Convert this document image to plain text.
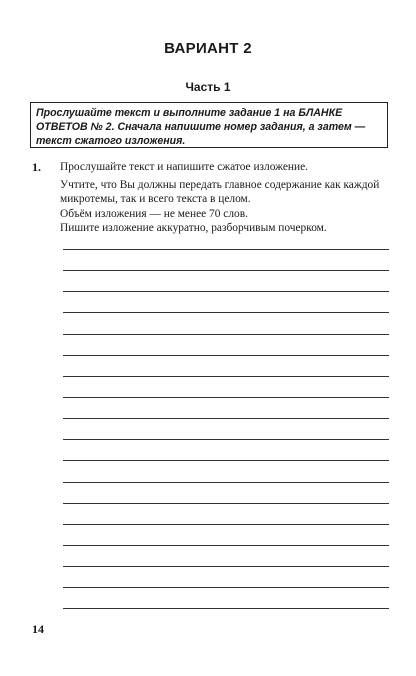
ВАРИАНТ 2
Часть 1
Прослушайте текст и выполните задание 1 на БЛАНКЕ ОТВЕТОВ № 2. Сначала напишите номер задания, а затем — текст сжатого изложения.
1. Прослушайте текст и напишите сжатое изложение.

Учтите, что Вы должны передать главное содержание как каждой микротемы, так и всего текста в целом.

Объём изложения — не менее 70 слов.

Пишите изложение аккуратно, разборчивым почерком.

14
